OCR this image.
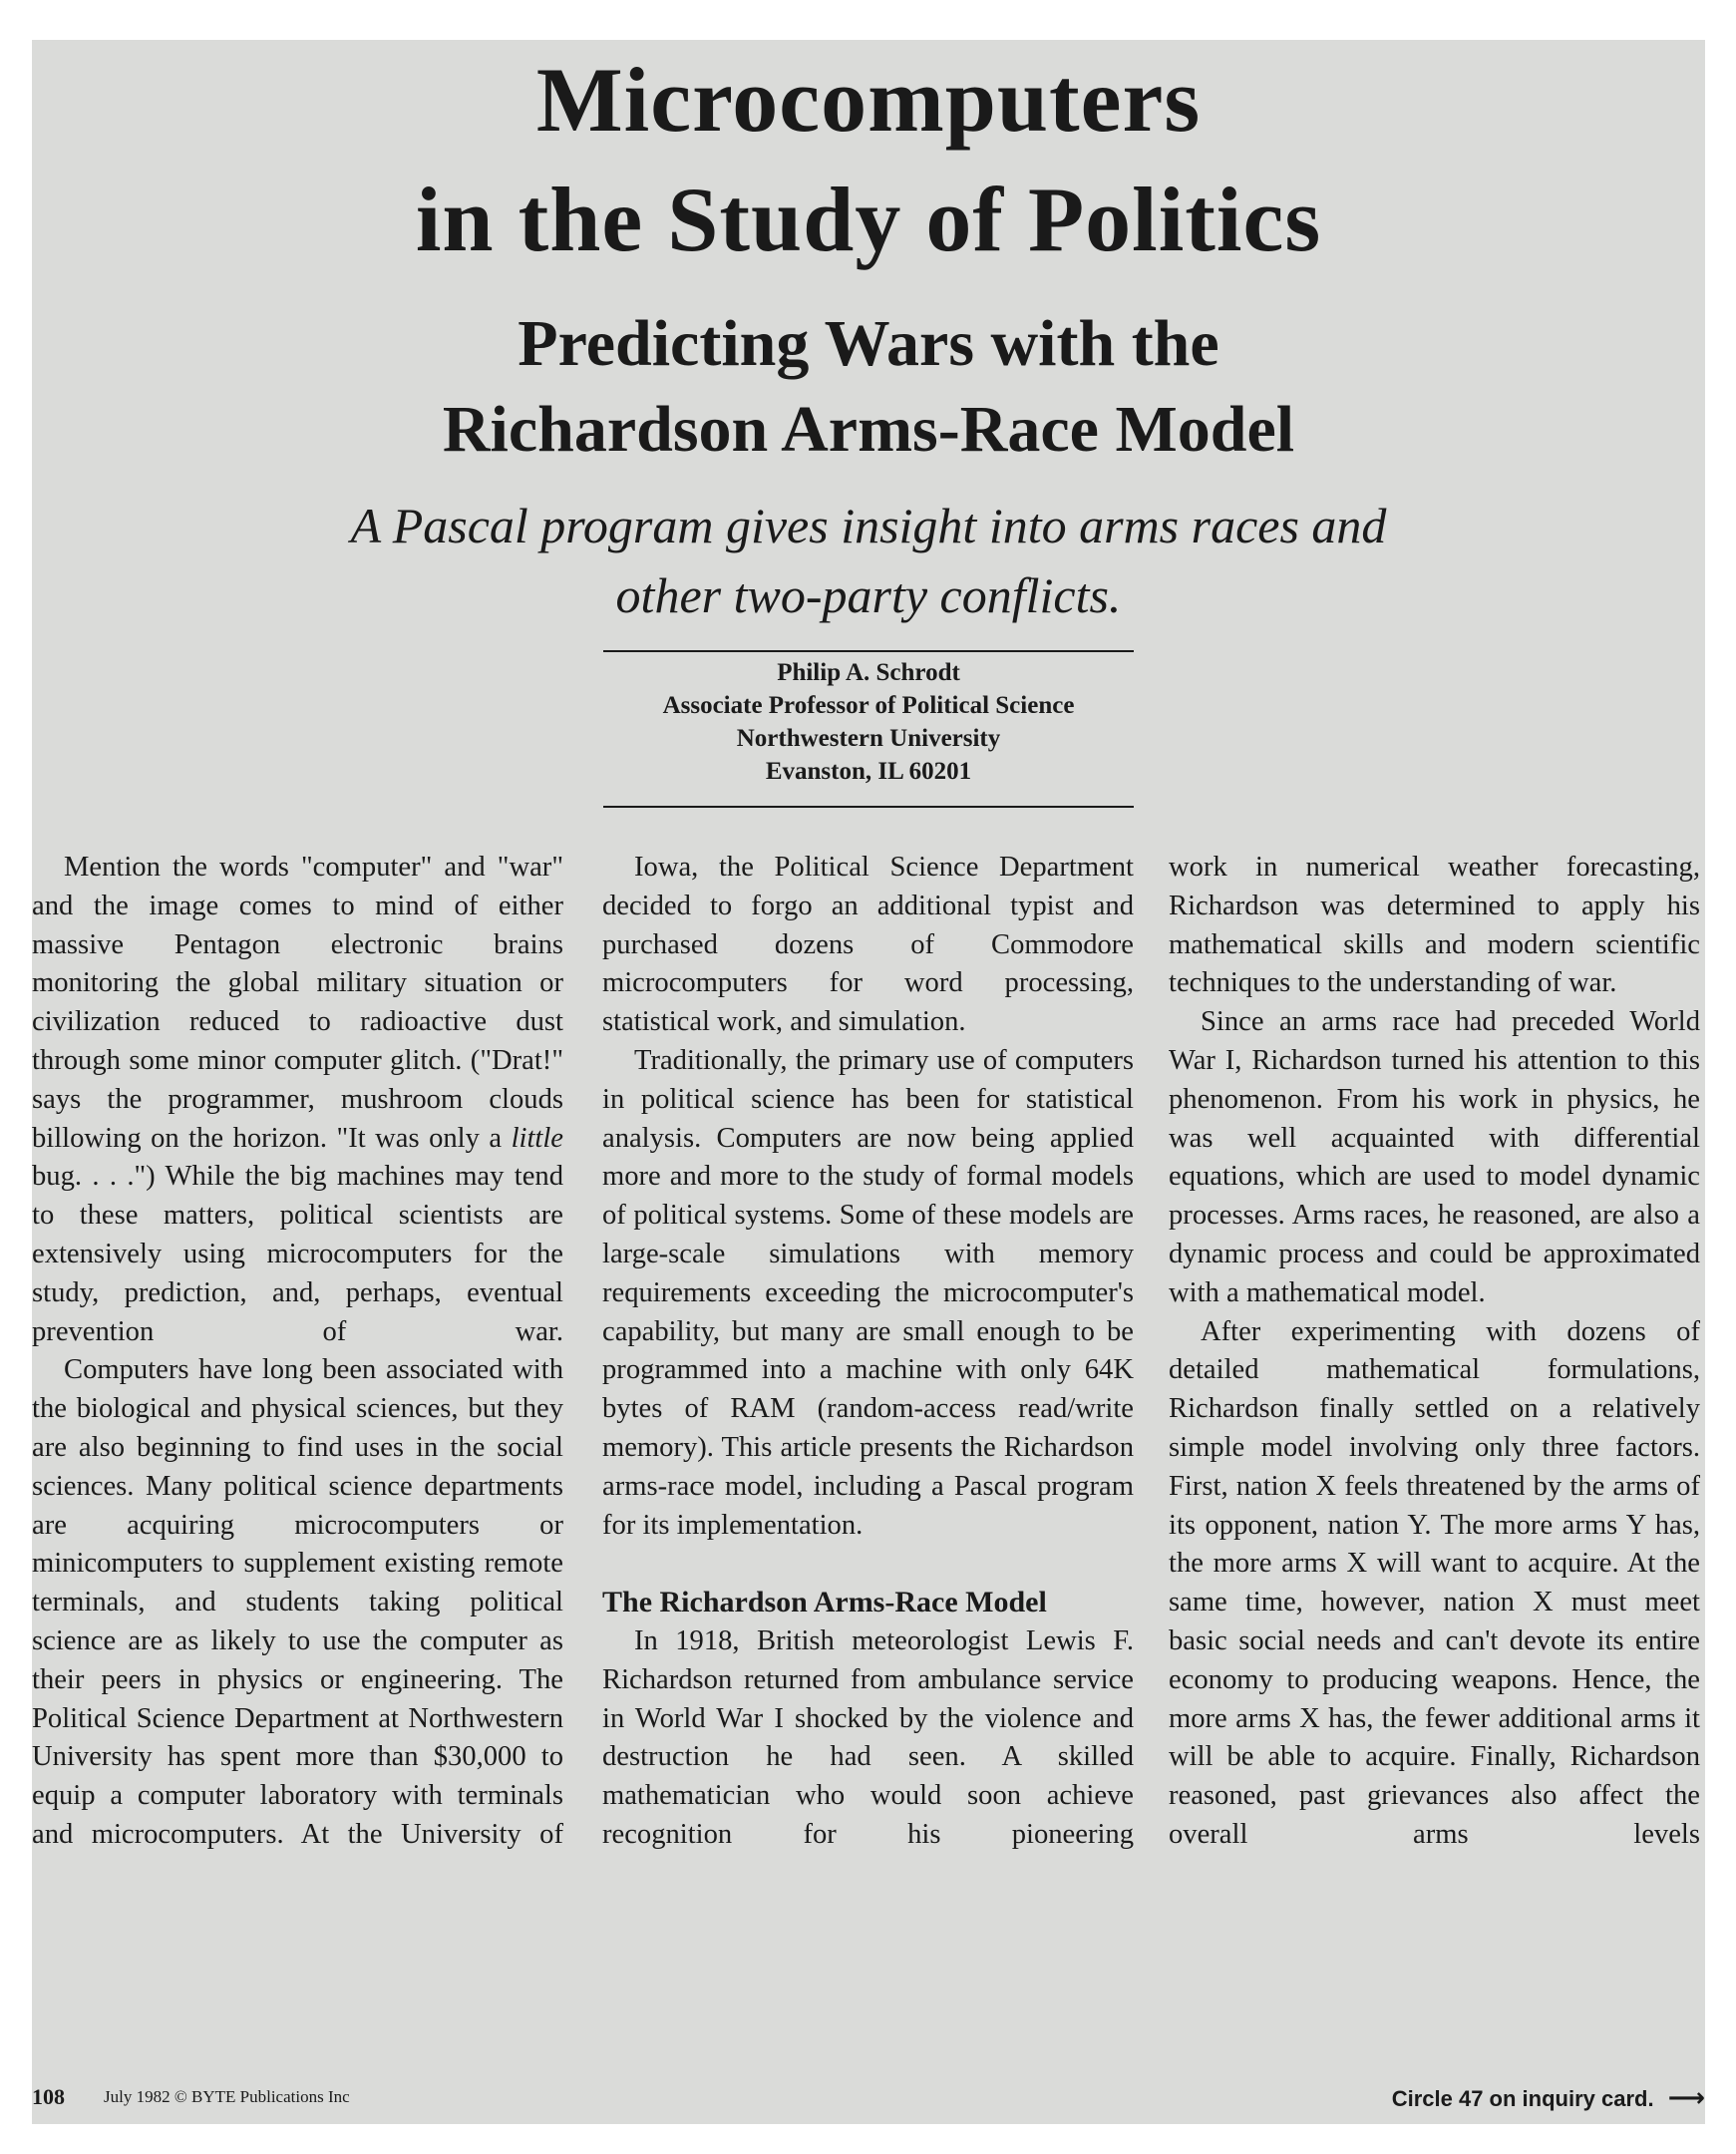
Microcomputers
in the Study of Politics
Predicting Wars with the
Richardson Arms-Race Model
A Pascal program gives insight into arms races and
other two-party conflicts.
Philip A. Schrodt
Associate Professor of Political Science
Northwestern University
Evanston, IL 60201

Mention the words "computer" and "war" and the image comes to mind of either massive Pentagon electronic brains monitoring the global military situation or civilization reduced to radioactive dust through some minor computer glitch. ("Drat!" says the programmer, mushroom clouds billowing on the horizon. "It was only a little bug. . . .") While the big machines may tend to these matters, political scientists are extensively using microcomputers for the study, prediction, and, perhaps, eventual prevention of war.

Computers have long been associated with the biological and physical sciences, but they are also beginning to find uses in the social sciences. Many political science departments are acquiring microcomputers or minicomputers to supplement existing remote terminals, and students taking political science are as likely to use the computer as their peers in physics or engineering. The Political Science Department at Northwestern University has spent more than $30,000 to equip a computer laboratory with terminals and microcomputers. At the University of

Iowa, the Political Science Department decided to forgo an additional typist and purchased dozens of Commodore microcomputers for word processing, statistical work, and simulation.

Traditionally, the primary use of computers in political science has been for statistical analysis. Computers are now being applied more and more to the study of formal models of political systems. Some of these models are large-scale simulations with memory requirements exceeding the microcomputer's capability, but many are small enough to be programmed into a machine with only 64K bytes of RAM (random-access read/write memory). This article presents the Richardson arms-race model, including a Pascal program for its implementation.

The Richardson Arms-Race Model

In 1918, British meteorologist Lewis F. Richardson returned from ambulance service in World War I shocked by the violence and destruction he had seen. A skilled mathematician who would soon achieve recognition for his pioneering

work in numerical weather forecasting, Richardson was determined to apply his mathematical skills and modern scientific techniques to the understanding of war.

Since an arms race had preceded World War I, Richardson turned his attention to this phenomenon. From his work in physics, he was well acquainted with differential equations, which are used to model dynamic processes. Arms races, he reasoned, are also a dynamic process and could be approximated with a mathematical model.

After experimenting with dozens of detailed mathematical formulations, Richardson finally settled on a relatively simple model involving only three factors. First, nation X feels threatened by the arms of its opponent, nation Y. The more arms Y has, the more arms X will want to acquire. At the same time, however, nation X must meet basic social needs and can't devote its entire economy to producing weapons. Hence, the more arms X has, the fewer additional arms it will be able to acquire. Finally, Richardson reasoned, past grievances also affect the overall arms levels

108 July 1982 © BYTE Publications Inc	Circle 47 on inquiry card. ⟶
